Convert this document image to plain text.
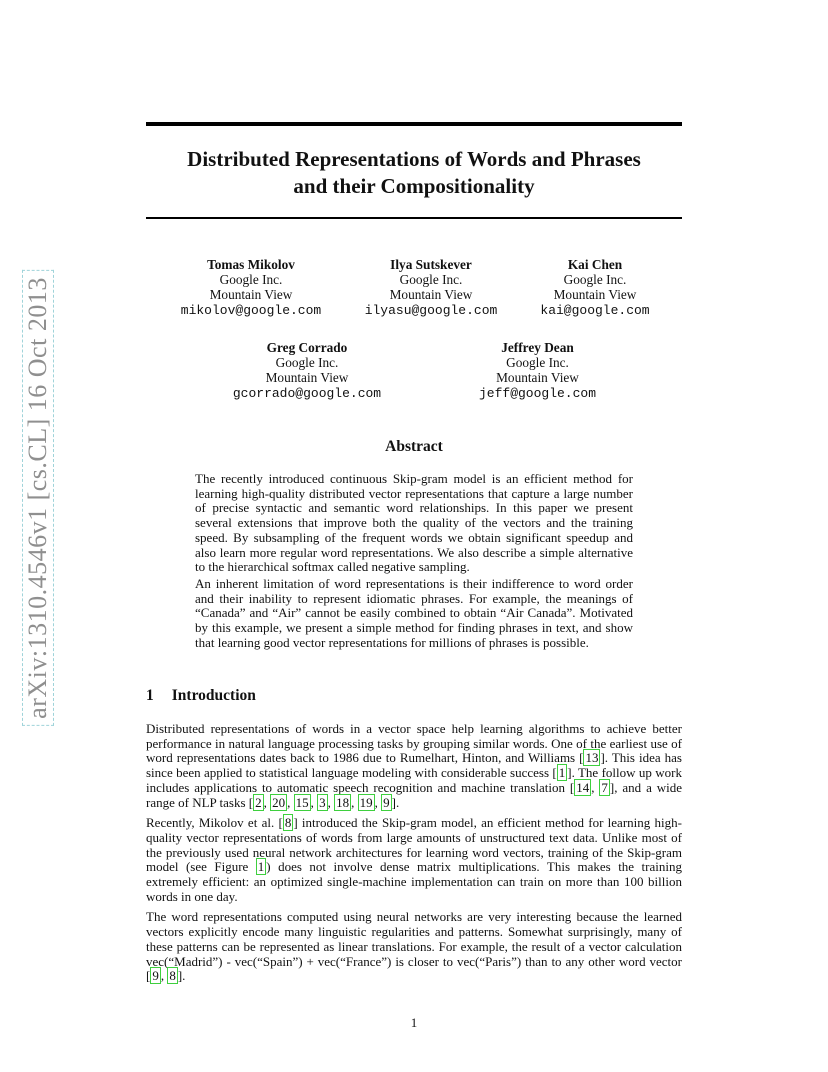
arXiv:1310.4546v1 [cs.CL] 16 Oct 2013
Distributed Representations of Words and Phrases
and their Compositionality
Tomas Mikolov
Google Inc.
Mountain View
mikolov@google.com
Ilya Sutskever
Google Inc.
Mountain View
ilyasu@google.com
Kai Chen
Google Inc.
Mountain View
kai@google.com
Greg Corrado
Google Inc.
Mountain View
gcorrado@google.com
Jeffrey Dean
Google Inc.
Mountain View
jeff@google.com
Abstract

The recently introduced continuous Skip-gram model is an efficient method for learning high-quality distributed vector representations that capture a large number of precise syntactic and semantic word relationships. In this paper we present several extensions that improve both the quality of the vectors and the training speed. By subsampling of the frequent words we obtain significant speedup and also learn more regular word representations. We also describe a simple alternative to the hierarchical softmax called negative sampling.

An inherent limitation of word representations is their indifference to word order and their inability to represent idiomatic phrases. For example, the meanings of “Canada” and “Air” cannot be easily combined to obtain “Air Canada”. Motivated by this example, we present a simple method for finding phrases in text, and show that learning good vector representations for millions of phrases is possible.

1 Introduction

Distributed representations of words in a vector space help learning algorithms to achieve better performance in natural language processing tasks by grouping similar words. One of the earliest use of word representations dates back to 1986 due to Rumelhart, Hinton, and Williams [ 13 ]. This idea has since been applied to statistical language modeling with considerable success [ 1 ]. The follow up work includes applications to automatic speech recognition and machine translation [ 14 , 7 ], and a wide range of NLP tasks [ 2 , 20 , 15 , 3 , 18 , 19 , 9 ].

Recently, Mikolov et al. [ 8 ] introduced the Skip-gram model, an efficient method for learning high-quality vector representations of words from large amounts of unstructured text data. Unlike most of the previously used neural network architectures for learning word vectors, training of the Skip-gram model (see Figure 1 ) does not involve dense matrix multiplications. This makes the training extremely efficient: an optimized single-machine implementation can train on more than 100 billion words in one day.

The word representations computed using neural networks are very interesting because the learned vectors explicitly encode many linguistic regularities and patterns. Somewhat surprisingly, many of these patterns can be represented as linear translations. For example, the result of a vector calculation vec(“Madrid”) - vec(“Spain”) + vec(“France”) is closer to vec(“Paris”) than to any other word vector [ 9 , 8 ].

1
